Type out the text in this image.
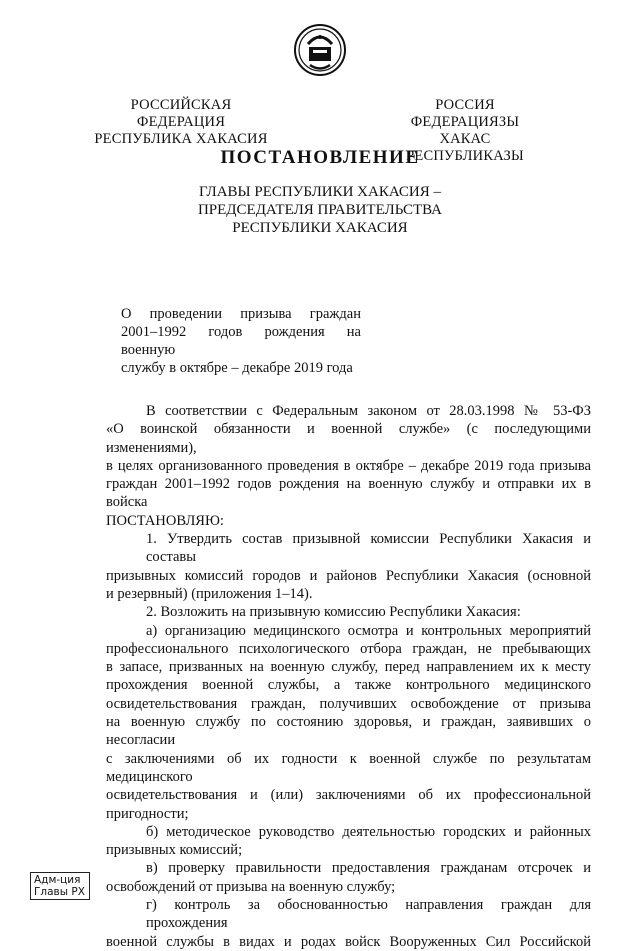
РОССИЙСКАЯ ФЕДЕРАЦИЯ
РЕСПУБЛИКА ХАКАСИЯ
РОССИЯ ФЕДЕРАЦИЯЗЫ
ХАКАС РЕСПУБЛИКАЗЫ
ПОСТАНОВЛЕНИЕ
ГЛАВЫ РЕСПУБЛИКИ ХАКАСИЯ –
ПРЕДСЕДАТЕЛЯ ПРАВИТЕЛЬСТВА
РЕСПУБЛИКИ ХАКАСИЯ
О проведении призыва граждан
2001–1992 годов рождения на военную
службу в октябре – декабре 2019 года

В соответствии с Федеральным законом от 28.03.1998 № 53-ФЗ
«О воинской обязанности и военной службе» (с последующими изменениями),
в целях организованного проведения в октябре – декабре 2019 года призыва
граждан 2001–1992 годов рождения на военную службу и отправки их в войска
ПОСТАНОВЛЯЮ:

1. Утвердить состав призывной комиссии Республики Хакасия и составы
призывных комиссий городов и районов Республики Хакасия (основной
и резервный) (приложения 1–14).

2. Возложить на призывную комиссию Республики Хакасия:

а) организацию медицинского осмотра и контрольных мероприятий
профессионального психологического отбора граждан, не пребывающих
в запасе, призванных на военную службу, перед направлением их к месту
прохождения военной службы, а также контрольного медицинского
освидетельствования граждан, получивших освобождение от призыва
на военную службу по состоянию здоровья, и граждан, заявивших о несогласии
с заключениями об их годности к военной службе по результатам медицинского
освидетельствования и (или) заключениями об их профессиональной
пригодности;

б) методическое руководство деятельностью городских и районных
призывных комиссий;

в) проверку правильности предоставления гражданам отсрочек и
освобождений от призыва на военную службу;

г) контроль за обоснованностью направления граждан для прохождения
военной службы в видах и родах войск Вооруженных Сил Российской

Адм-ция
Главы РХ
